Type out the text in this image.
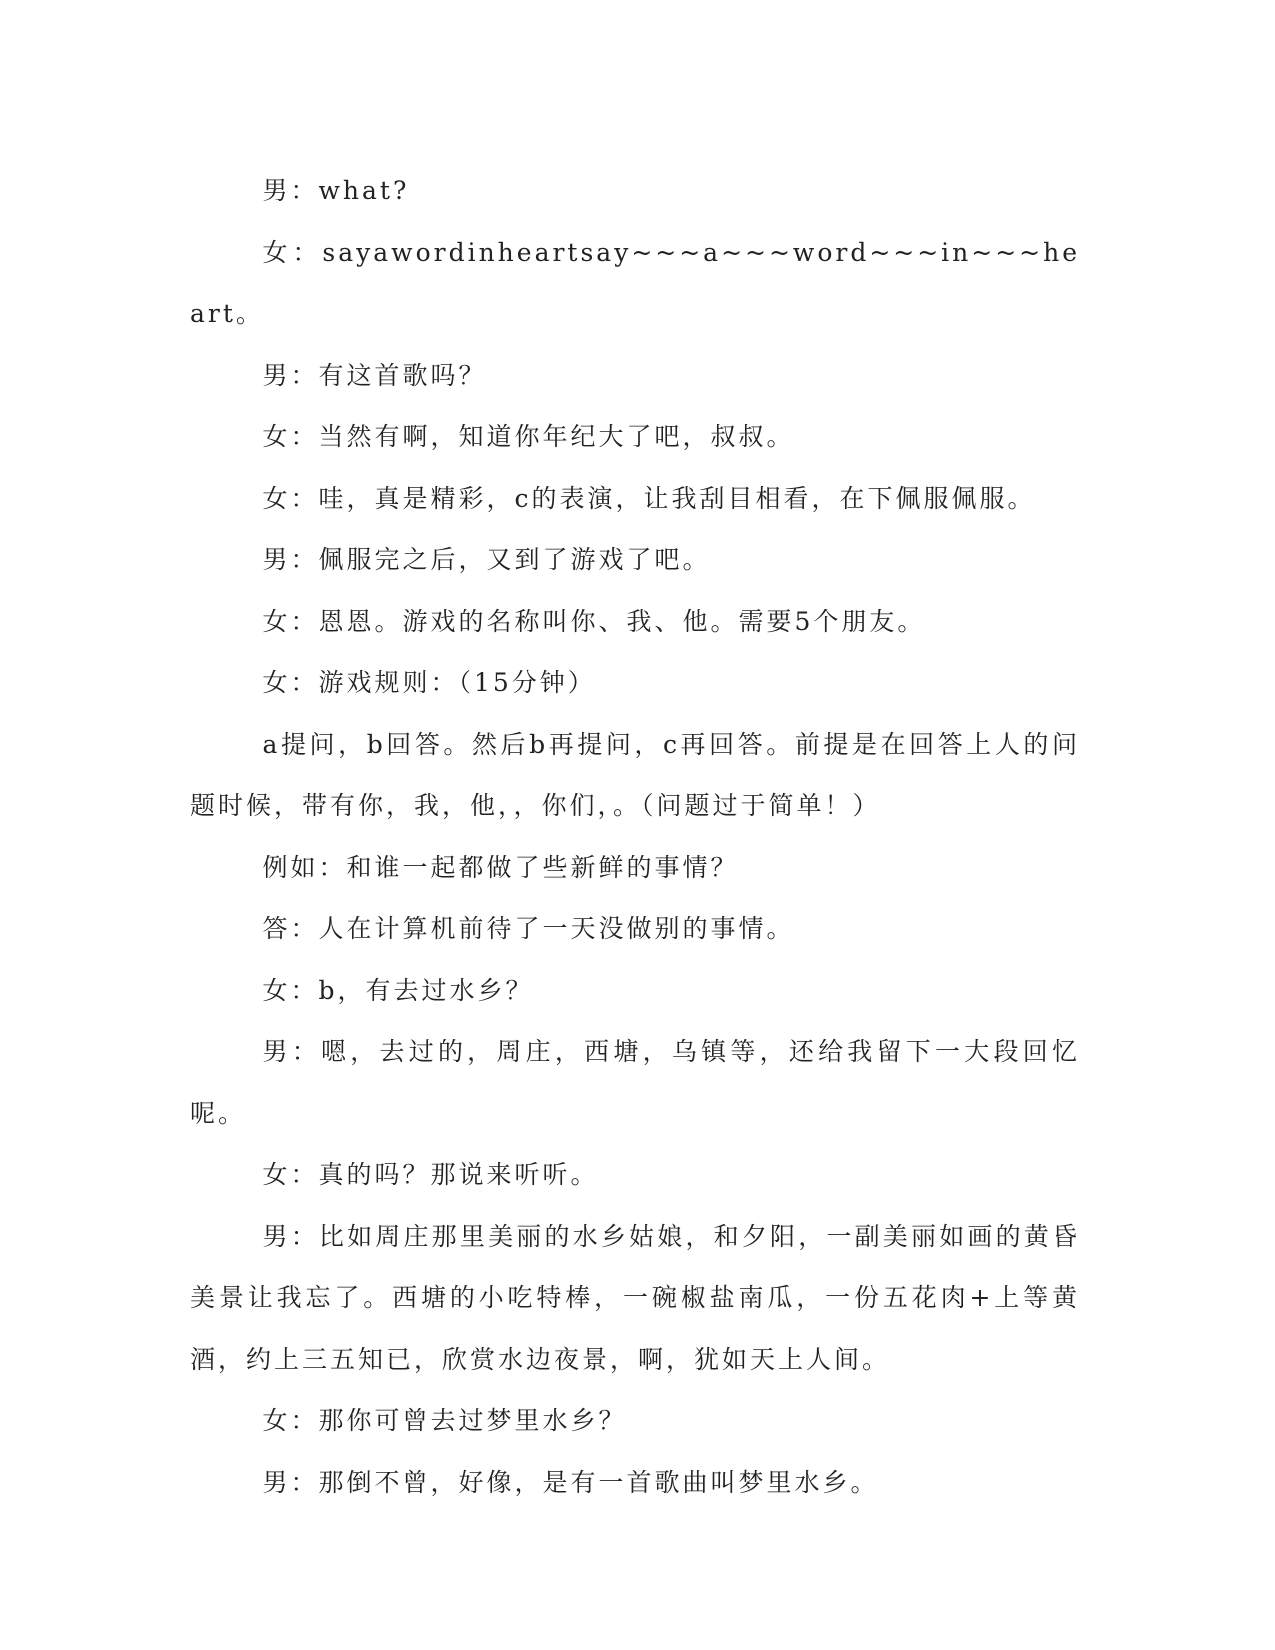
男：what?

女：sayawordinheartsay~~~a~~~word~~~in~~~heart。

男：有这首歌吗？

女：当然有啊，知道你年纪大了吧，叔叔。

女：哇，真是精彩，c的表演，让我刮目相看，在下佩服佩服。

男：佩服完之后，又到了游戏了吧。

女：恩恩。游戏的名称叫你、我、他。需要5个朋友。

女：游戏规则：（15分钟）

a提问，b回答。然后b再提问，c再回答。前提是在回答上人的问题时候，带有你，我，他，，你们，。（问题过于简单！）

例如：和谁一起都做了些新鲜的事情？

答：人在计算机前待了一天没做别的事情。

女：b，有去过水乡？

男：嗯，去过的，周庄，西塘，乌镇等，还给我留下一大段回忆呢。

女：真的吗？那说来听听。

男：比如周庄那里美丽的水乡姑娘，和夕阳，一副美丽如画的黄昏美景让我忘了。西塘的小吃特棒，一碗椒盐南瓜，一份五花肉+上等黄酒，约上三五知已，欣赏水边夜景，啊，犹如天上人间。

女：那你可曾去过梦里水乡？

男：那倒不曾，好像，是有一首歌曲叫梦里水乡。
